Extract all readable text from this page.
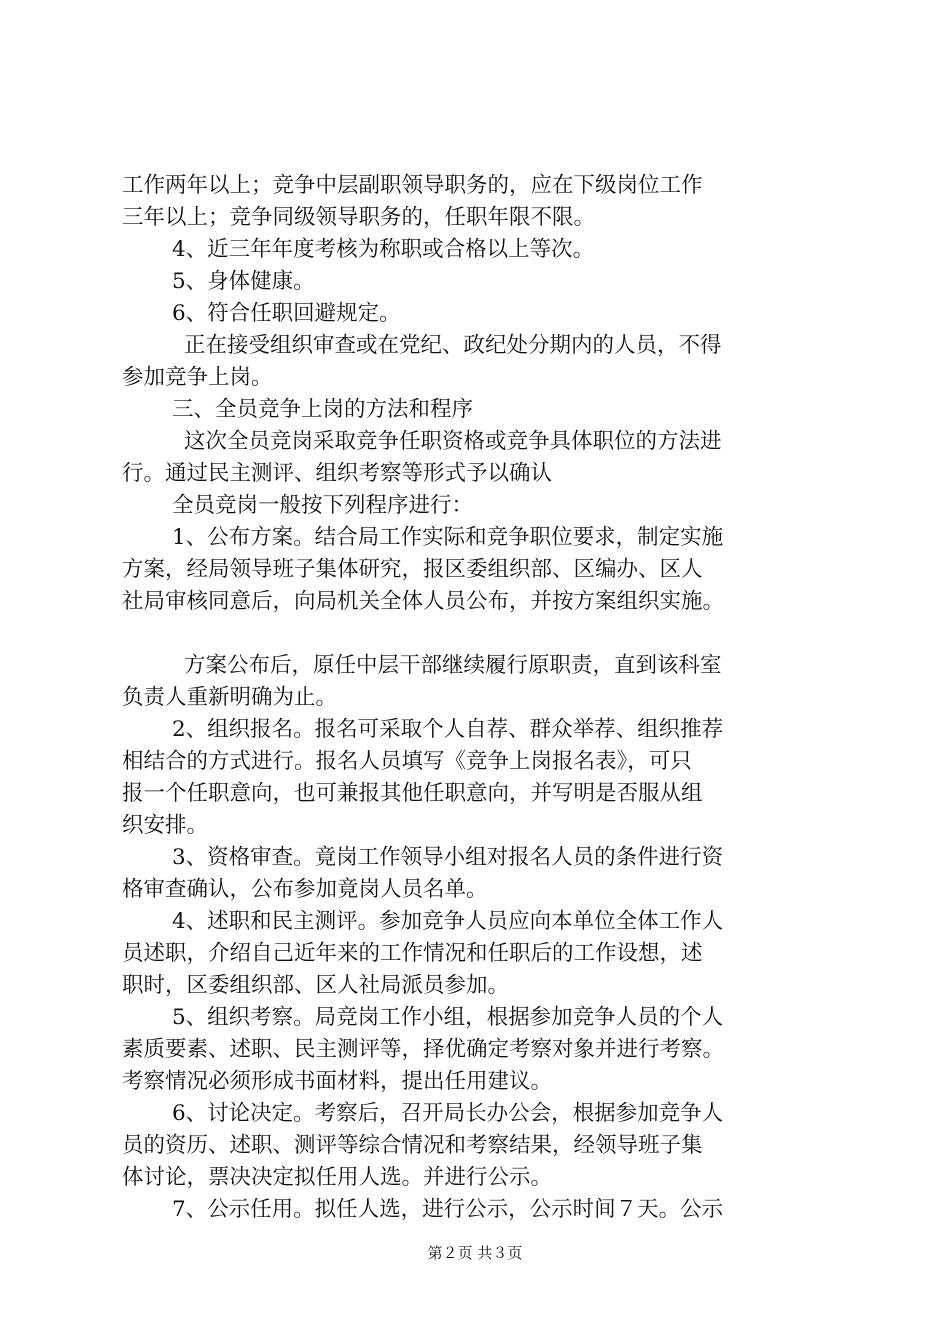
工作两年以上；竞争中层副职领导职务的，应在下级岗位工作
三年以上；竞争同级领导职务的，任职年限不限。
4、近三年年度考核为称职或合格以上等次。
5、身体健康。
6、符合任职回避规定。
正在接受组织审查或在党纪、政纪处分期内的人员，不得
参加竞争上岗。
三、全员竞争上岗的方法和程序
这次全员竞岗采取竞争任职资格或竞争具体职位的方法进
行。通过民主测评、组织考察等形式予以确认
全员竞岗一般按下列程序进行：
1、公布方案。结合局工作实际和竞争职位要求，制定实施
方案，经局领导班子集体研究，报区委组织部、区编办、区人
社局审核同意后，向局机关全体人员公布，并按方案组织实施。
方案公布后，原任中层干部继续履行原职责，直到该科室
负责人重新明确为止。
2、组织报名。报名可采取个人自荐、群众举荐、组织推荐
相结合的方式进行。报名人员填写《竞争上岗报名表》，可只
报一个任职意向，也可兼报其他任职意向，并写明是否服从组
织安排。
3、资格审查。竟岗工作领导小组对报名人员的条件进行资
格审查确认，公布参加竟岗人员名单。
4、述职和民主测评。参加竞争人员应向本单位全体工作人
员述职，介绍自己近年来的工作情况和任职后的工作设想，述
职时，区委组织部、区人社局派员参加。
5、组织考察。局竞岗工作小组，根据参加竞争人员的个人
素质要素、述职、民主测评等，择优确定考察对象并进行考察。
考察情况必须形成书面材料，提出任用建议。
6、讨论决定。考察后，召开局长办公会，根据参加竞争人
员的资历、述职、测评等综合情况和考察结果，经领导班子集
体讨论，票决决定拟任用人选。并进行公示。
7、公示任用。拟任人选，进行公示，公示时间７天。公示
第２页 共３页
